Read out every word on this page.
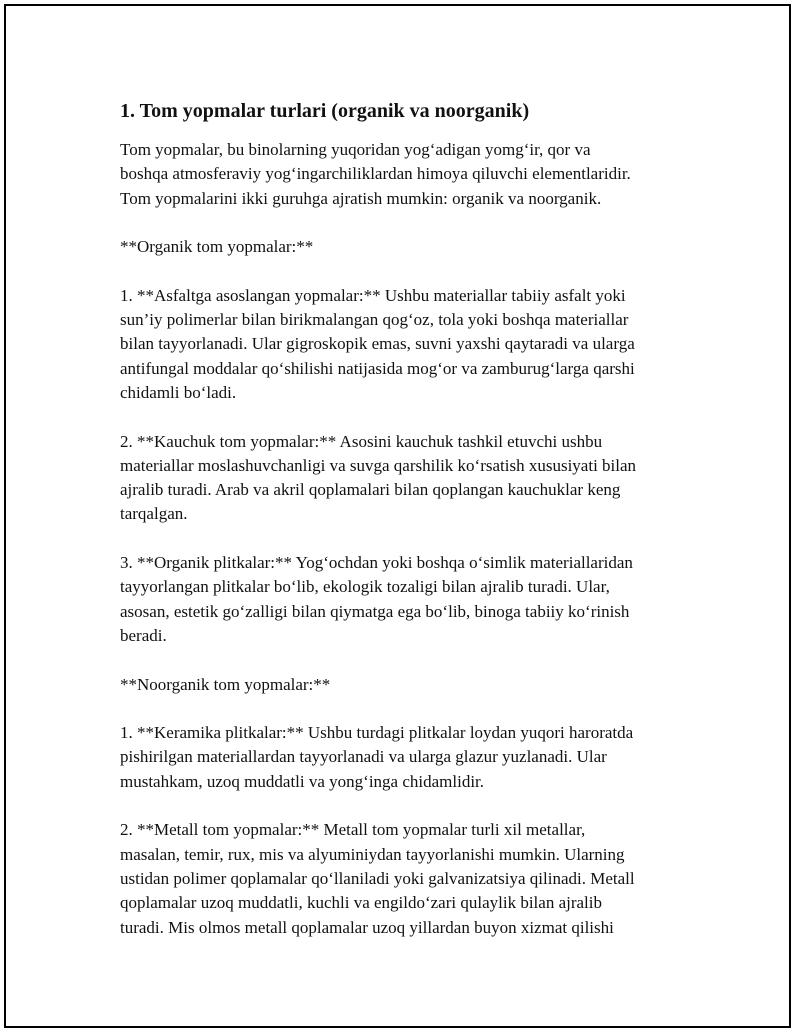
1. Tom yopmalar turlari (organik va noorganik)

Tom yopmalar, bu binolarning yuqoridan yog‘adigan yomg‘ir, qor va
boshqa atmosferaviy yog‘ingarchiliklardan himoya qiluvchi elementlaridir.
Tom yopmalarini ikki guruhga ajratish mumkin: organik va noorganik.

**Organik tom yopmalar:**

1. **Asfaltga asoslangan yopmalar:** Ushbu materiallar tabiiy asfalt yoki
sun’iy polimerlar bilan birikmalangan qog‘oz, tola yoki boshqa materiallar
bilan tayyorlanadi. Ular gigroskopik emas, suvni yaxshi qaytaradi va ularga
antifungal moddalar qo‘shilishi natijasida mog‘or va zamburug‘larga qarshi
chidamli bo‘ladi.

2. **Kauchuk tom yopmalar:** Asosini kauchuk tashkil etuvchi ushbu
materiallar moslashuvchanligi va suvga qarshilik ko‘rsatish xususiyati bilan
ajralib turadi. Arab va akril qoplamalari bilan qoplangan kauchuklar keng
tarqalgan.

3. **Organik plitkalar:** Yog‘ochdan yoki boshqa o‘simlik materiallaridan
tayyorlangan plitkalar bo‘lib, ekologik tozaligi bilan ajralib turadi. Ular,
asosan, estetik go‘zalligi bilan qiymatga ega bo‘lib, binoga tabiiy ko‘rinish
beradi.

**Noorganik tom yopmalar:**

1. **Keramika plitkalar:** Ushbu turdagi plitkalar loydan yuqori haroratda
pishirilgan materiallardan tayyorlanadi va ularga glazur yuzlanadi. Ular
mustahkam, uzoq muddatli va yong‘inga chidamlidir.

2. **Metall tom yopmalar:** Metall tom yopmalar turli xil metallar,
masalan, temir, rux, mis va alyuminiydan tayyorlanishi mumkin. Ularning
ustidan polimer qoplamalar qo‘llaniladi yoki galvanizatsiya qilinadi. Metall
qoplamalar uzoq muddatli, kuchli va engildo‘zari qulaylik bilan ajralib
turadi. Mis olmos metall qoplamalar uzoq yillardan buyon xizmat qilishi
